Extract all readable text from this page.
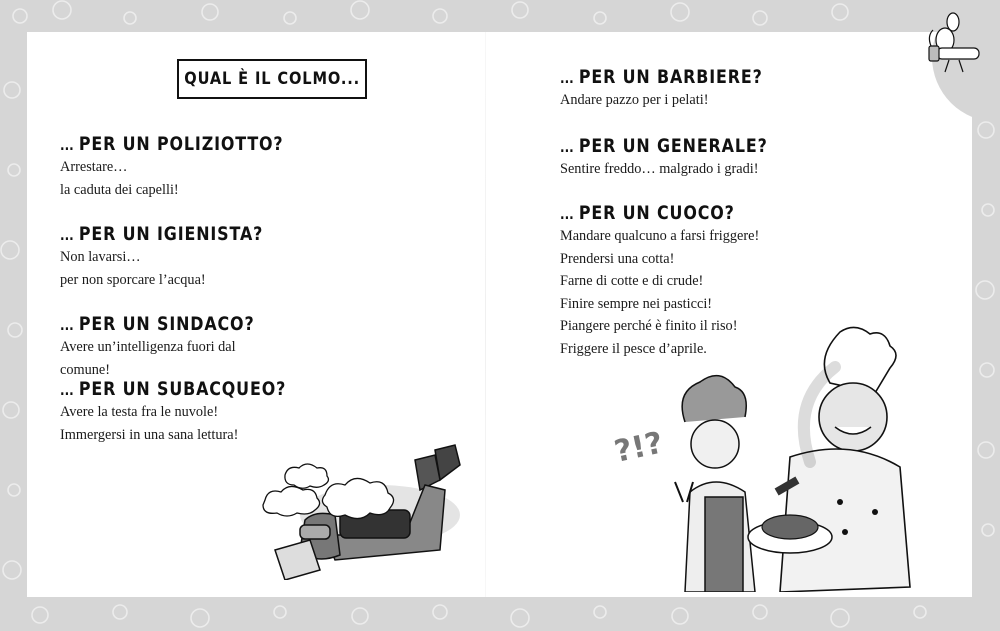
QUAL È IL COLMO...
... PER UN POLIZIOTTO?
Arrestare…
la caduta dei capelli!
... PER UN IGIENISTA?
Non lavarsi…
per non sporcare l’acqua!
... PER UN SINDACO?
Avere un’intelligenza fuori dal comune!
... PER UN SUBACQUEO?
Avere la testa fra le nuvole!
Immergersi in una sana lettura!
... PER UN BARBIERE?
Andare pazzo per i pelati!
... PER UN GENERALE?
Sentire freddo… malgrado i gradi!
... PER UN CUOCO?
Mandare qualcuno a farsi friggere!
Prendersi una cotta!
Farne di cotte e di crude!
Finire sempre nei pasticci!
Piangere perché è finito il riso!
Friggere il pesce d’aprile.
?!?
